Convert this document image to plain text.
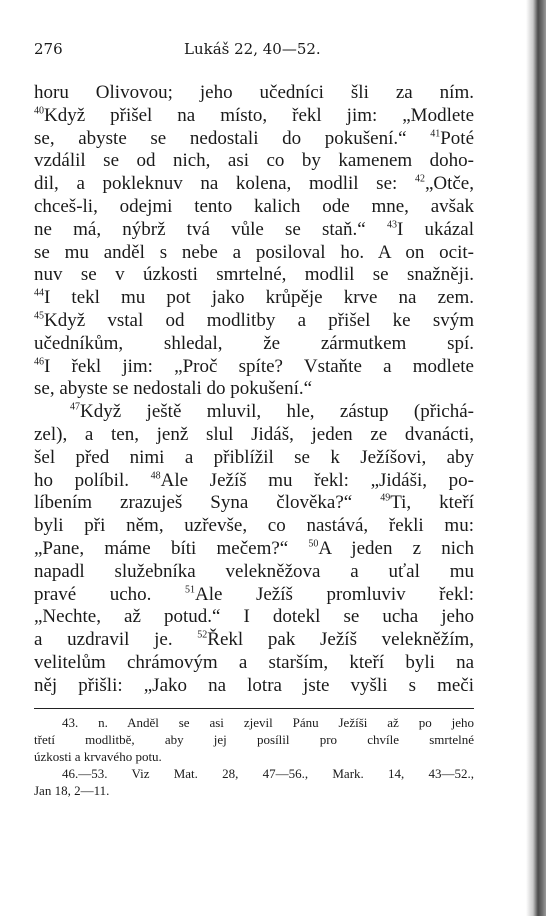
276	Lukáš 22, 40—52.
horu Olivovou; jeho učedníci šli za ním.
$^{40}$Když přišel na místo, řekl jim: „Modlete
se, abyste se nedostali do pokušení.“ $^{41}$Poté
vzdálil se od nich, asi co by kamenem doho-
dil, a pokleknuv na kolena, modlil se: $^{42}$„Otče,
chceš-li, odejmi tento kalich ode mne, avšak
ne má, nýbrž tvá vůle se staň.“ $^{43}$I ukázal
se mu anděl s nebe a posiloval ho. A on ocit-
nuv se v úzkosti smrtelné, modlil se snažněji.
$^{44}$I tekl mu pot jako krůpěje krve na zem.
$^{45}$Když vstal od modlitby a přišel ke svým
učedníkům, shledal, že zármutkem spí.
$^{46}$I řekl jim: „Proč spíte? Vstaňte a modlete
se, abyste se nedostali do pokušení.“
$^{47}$Když ještě mluvil, hle, zástup (přichá-
zel), a ten, jenž slul Jidáš, jeden ze dvanácti,
šel před nimi a přiblížil se k Ježíšovi, aby
ho políbil. $^{48}$Ale Ježíš mu řekl: „Jidáši, po-
líbením zrazuješ Syna člověka?“	$^{49}$Ti, kteří
byli při něm, uzřevše, co nastává, řekli mu:
„Pane, máme bíti mečem?“ $^{50}$A jeden z nich
napadl služebníka velekněžova a uťal mu
pravé ucho.	$^{51}$Ale Ježíš promluviv řekl:
„Nechte, až potud.“ I dotekl se ucha jeho
a uzdravil je. $^{52}$Řekl pak Ježíš velekněžím,
velitelům chrámovým a starším, kteří byli na
něj přišli: „Jako na lotra jste vyšli s meči
43. n. Anděl se asi zjevil Pánu Ježíši až po jeho
třetí modlitbě, aby jej posílil pro chvíle smrtelné
úzkosti a krvavého potu.
46.—53. Viz Mat. 28, 47—56., Mark. 14, 43—52.,
Jan 18, 2—11.
